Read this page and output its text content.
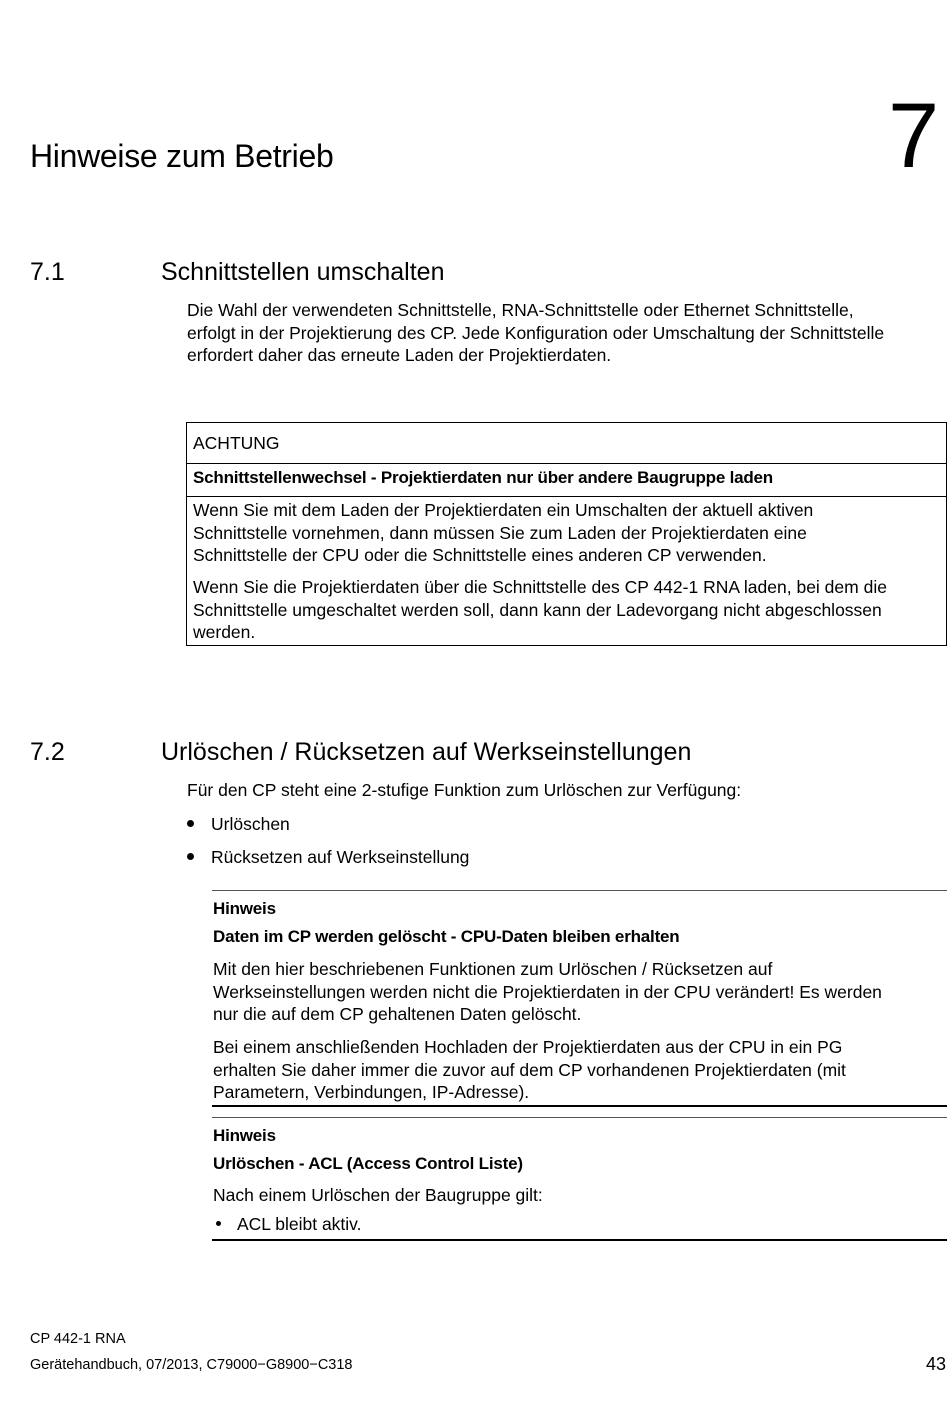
Hinweise zum Betrieb	7
7.1	Schnittstellen umschalten
Die Wahl der verwendeten Schnittstelle, RNA-Schnittstelle oder Ethernet Schnittstelle,
erfolgt in der Projektierung des CP. Jede Konfiguration oder Umschaltung der Schnittstelle
erfordert daher das erneute Laden der Projektierdaten.
ACHTUNG
Schnittstellenwechsel - Projektierdaten nur über andere Baugruppe laden
Wenn Sie mit dem Laden der Projektierdaten ein Umschalten der aktuell aktiven
Schnittstelle vornehmen, dann müssen Sie zum Laden der Projektierdaten eine
Schnittstelle der CPU oder die Schnittstelle eines anderen CP verwenden.
Wenn Sie die Projektierdaten über die Schnittstelle des CP 442-1 RNA laden, bei dem die
Schnittstelle umgeschaltet werden soll, dann kann der Ladevorgang nicht abgeschlossen
werden.
7.2	Urlöschen / Rücksetzen auf Werkseinstellungen
Für den CP steht eine 2-stufige Funktion zum Urlöschen zur Verfügung:
Urlöschen
Rücksetzen auf Werkseinstellung
Hinweis
Daten im CP werden gelöscht - CPU-Daten bleiben erhalten
Mit den hier beschriebenen Funktionen zum Urlöschen / Rücksetzen auf
Werkseinstellungen werden nicht die Projektierdaten in der CPU verändert! Es werden
nur die auf dem CP gehaltenen Daten gelöscht.
Bei einem anschließenden Hochladen der Projektierdaten aus der CPU in ein PG
erhalten Sie daher immer die zuvor auf dem CP vorhandenen Projektierdaten (mit
Parametern, Verbindungen, IP-Adresse).
Hinweis
Urlöschen - ACL (Access Control Liste)
Nach einem Urlöschen der Baugruppe gilt:
ACL bleibt aktiv.
CP 442-1 RNA
Gerätehandbuch, 07/2013, C79000−G8900−C318	43
